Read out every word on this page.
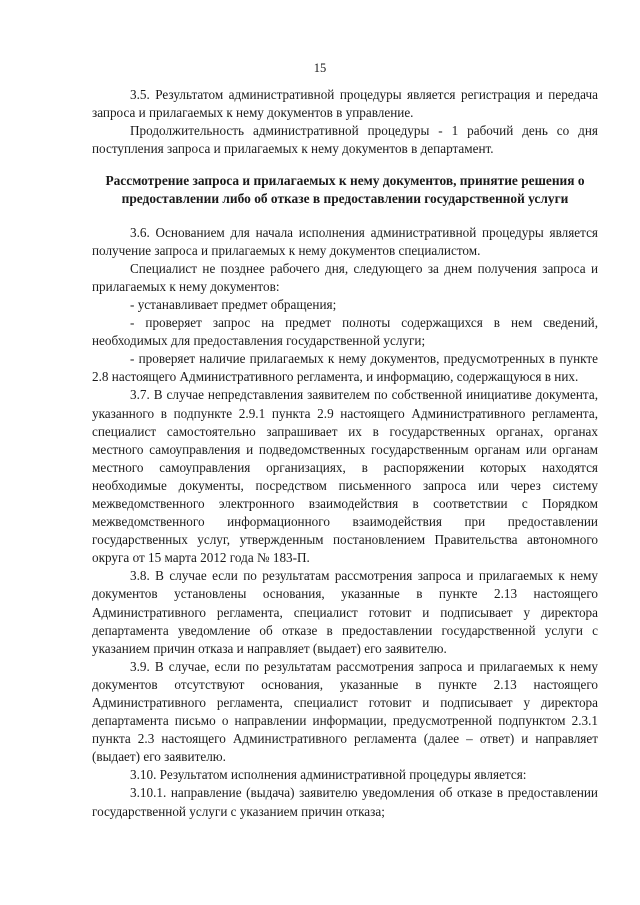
15

3.5. Результатом административной процедуры является регистрация и передача запроса и прилагаемых к нему документов в управление.

Продолжительность административной процедуры - 1 рабочий день со дня поступления запроса и прилагаемых к нему документов в департамент.

Рассмотрение запроса и прилагаемых к нему документов, принятие решения о предоставлении либо об отказе в предоставлении государственной услуги

3.6. Основанием для начала исполнения административной процедуры является получение запроса и прилагаемых к нему документов специалистом.

Специалист не позднее рабочего дня, следующего за днем получения запроса и прилагаемых к нему документов:

- устанавливает предмет обращения;

- проверяет запрос на предмет полноты содержащихся в нем сведений, необходимых для предоставления государственной услуги;

- проверяет наличие прилагаемых к нему документов, предусмотренных в пункте 2.8 настоящего Административного регламента, и информацию, содержащуюся в них.

3.7. В случае непредставления заявителем по собственной инициативе документа, указанного в подпункте 2.9.1 пункта 2.9 настоящего Административного регламента, специалист самостоятельно запрашивает их в государственных органах, органах местного самоуправления и подведомственных государственным органам или органам местного самоуправления организациях, в распоряжении которых находятся необходимые документы, посредством письменного запроса или через систему межведомственного электронного взаимодействия в соответствии с Порядком межведомственного информационного взаимодействия при предоставлении государственных услуг, утвержденным постановлением Правительства автономного округа от 15 марта 2012 года № 183-П.

3.8. В случае если по результатам рассмотрения запроса и прилагаемых к нему документов установлены основания, указанные в пункте 2.13 настоящего Административного регламента, специалист готовит и подписывает у директора департамента уведомление об отказе в предоставлении государственной услуги с указанием причин отказа и направляет (выдает) его заявителю.

3.9. В случае, если по результатам рассмотрения запроса и прилагаемых к нему документов отсутствуют основания, указанные в пункте 2.13 настоящего Административного регламента, специалист готовит и подписывает у директора департамента письмо о направлении информации, предусмотренной подпунктом 2.3.1 пункта 2.3 настоящего Административного регламента (далее – ответ) и направляет (выдает) его заявителю.

3.10. Результатом исполнения административной процедуры является:

3.10.1. направление (выдача) заявителю уведомления об отказе в предоставлении государственной услуги с указанием причин отказа;
